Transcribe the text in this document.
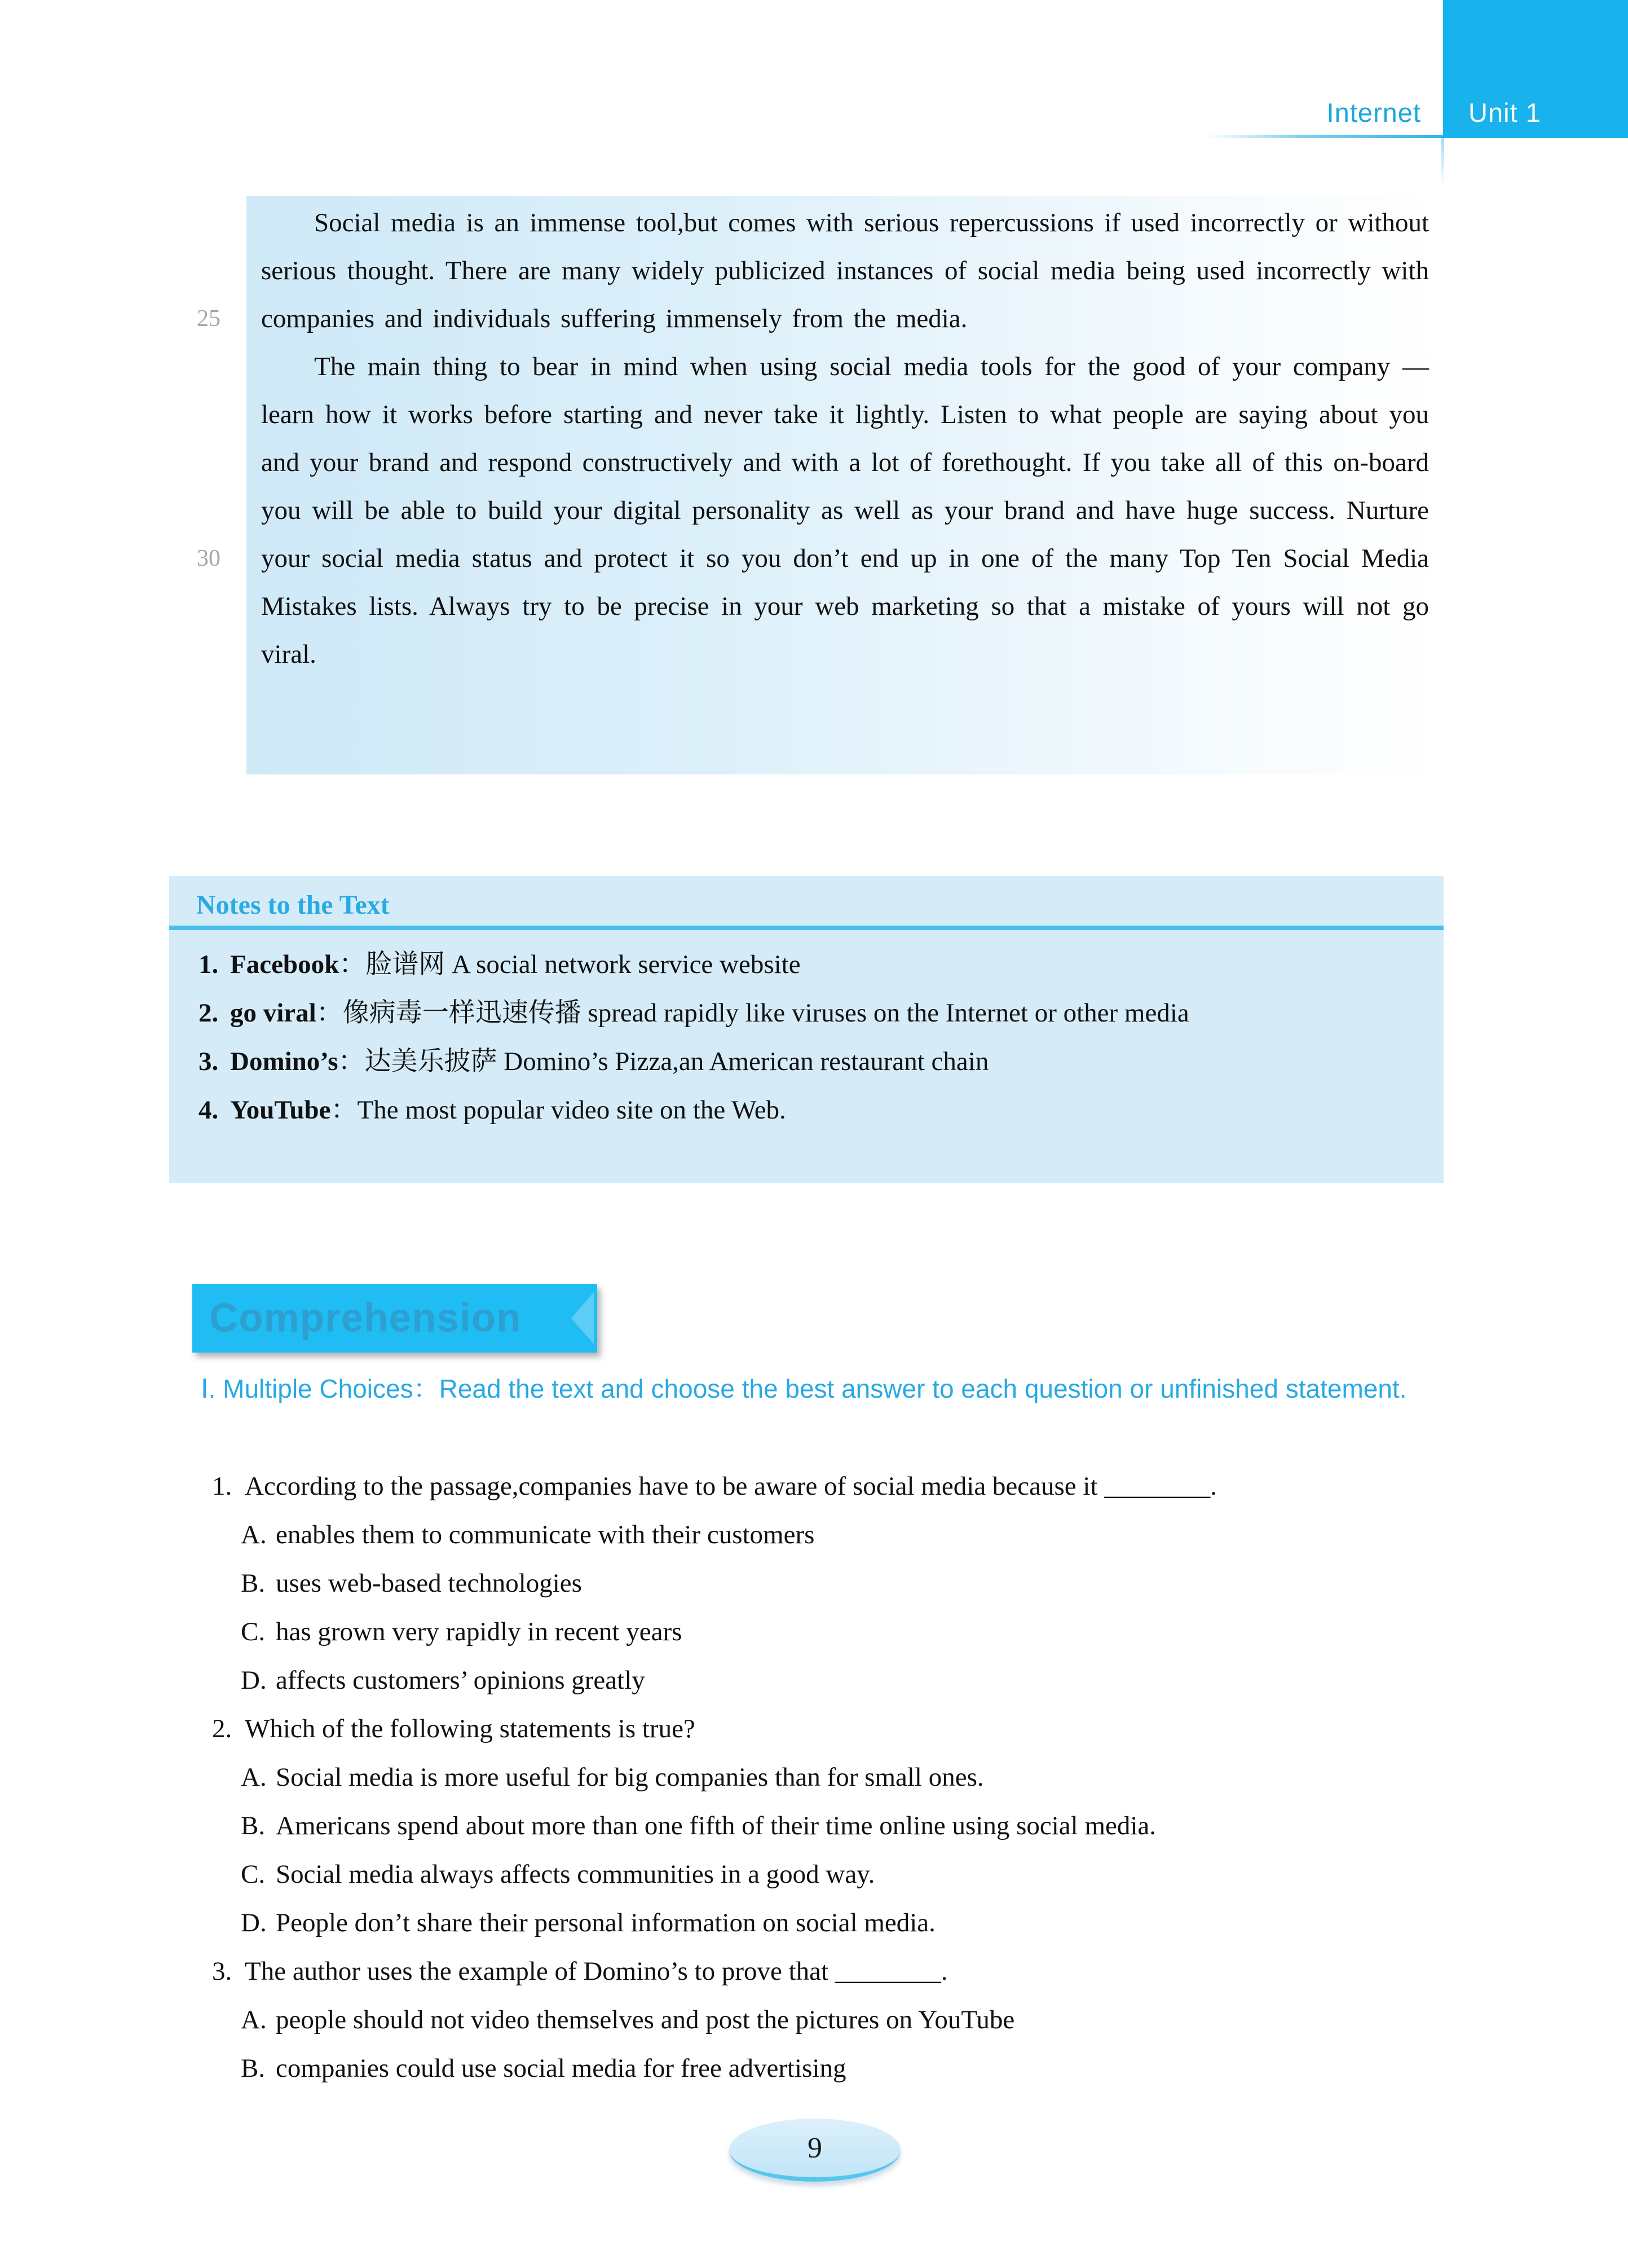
Internet Unit 1
25
30

Social media is an immense tool,but comes with serious repercussions if used incorrectly or without serious thought. There are many widely publicized instances of social media being used incorrectly with companies and individuals suffering immensely from the media.

The main thing to bear in mind when using social media tools for the good of your company — learn how it works before starting and never take it lightly. Listen to what people are saying about you and your brand and respond constructively and with a lot of forethought. If you take all of this on-board you will be able to build your digital personality as well as your brand and have huge success. Nurture your social media status and protect it so you don’t end up in one of the many Top Ten Social Media Mistakes lists. Always try to be precise in your web marketing so that a mistake of yours will not go viral.

Notes to the Text
1. Facebook：脸谱网 A social network service website
2. go viral：像病毒一样迅速传播 spread rapidly like viruses on the Internet or other media
3. Domino’s：达美乐披萨 Domino’s Pizza,an American restaurant chain
4. YouTube：The most popular video site on the Web.
Comprehension
Ⅰ. Multiple Choices：Read the text and choose the best answer to each question or unfinished statement.
1. According to the passage,companies have to be aware of social media because it ________.
A. enables them to communicate with their customers
B. uses web-based technologies
C. has grown very rapidly in recent years
D. affects customers’ opinions greatly
2. Which of the following statements is true?
A. Social media is more useful for big companies than for small ones.
B. Americans spend about more than one fifth of their time online using social media.
C. Social media always affects communities in a good way.
D. People don’t share their personal information on social media.
3. The author uses the example of Domino’s to prove that ________.
A. people should not video themselves and post the pictures on YouTube
B. companies could use social media for free advertising
9
